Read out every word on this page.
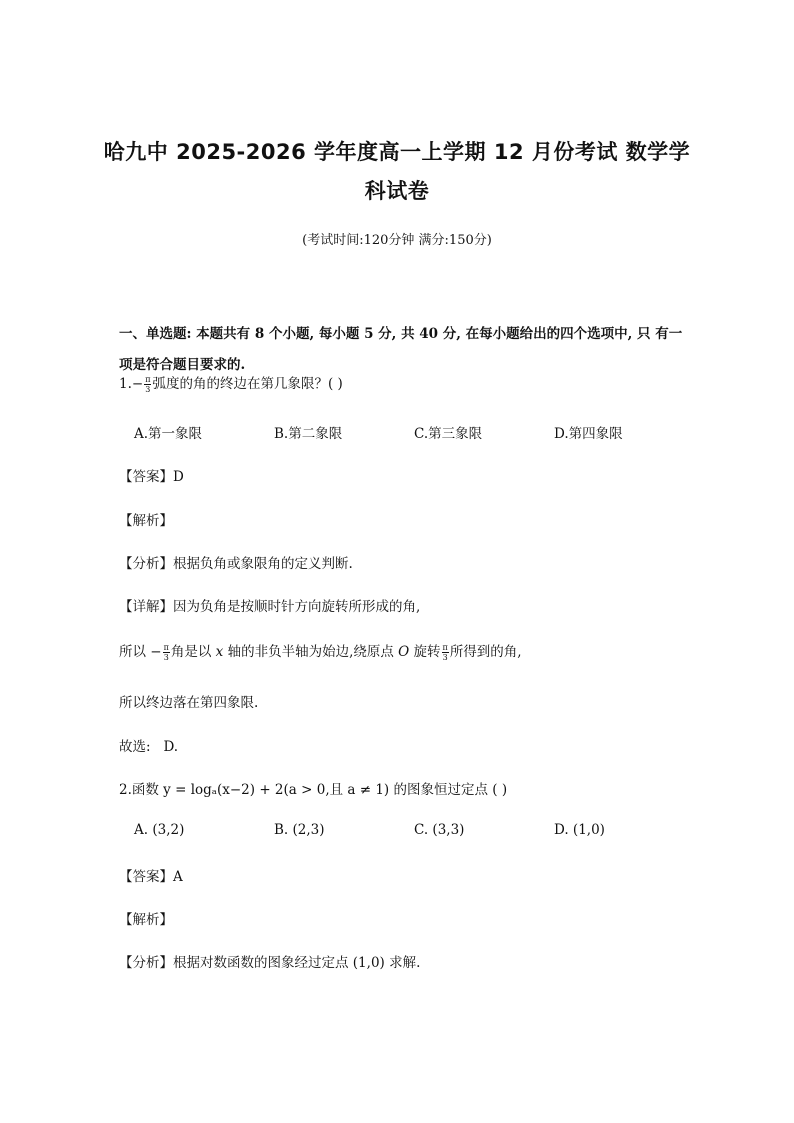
哈九中 2025-2026 学年度高一上学期 12 月份考试 数学学
科试卷
(考试时间:120分钟 满分:150分)
一、单选题: 本题共有 8 个小题, 每小题 5 分, 共 40 分, 在每小题给出的四个选项中, 只 有一
项是符合题目要求的.
$1.- \frac{\pi}{3}$ 弧度的角的终边在第几象限？( )
A.第一象限	B.第二象限	C.第三象限	D.第四象限
【答案】D
【解析】
【分析】根据负角或象限角的定义判断.
【详解】因为负角是按顺时针方向旋转所形成的角,
所以 − $\frac{\pi}{3}$ 角是以 x 轴的非负半轴为始边,绕原点 O 旋转 $\frac{\pi}{3}$ 所得到的角,
所以终边落在第四象限.
故选:   D.
2.函数 y = logₐ(x−2) + 2(a > 0,且 a ≠ 1) 的图象恒过定点 ( )
A. (3,2)	B. (2,3)	C. (3,3)	D. (1,0)
【答案】A
【解析】
【分析】根据对数函数的图象经过定点 (1,0) 求解.
